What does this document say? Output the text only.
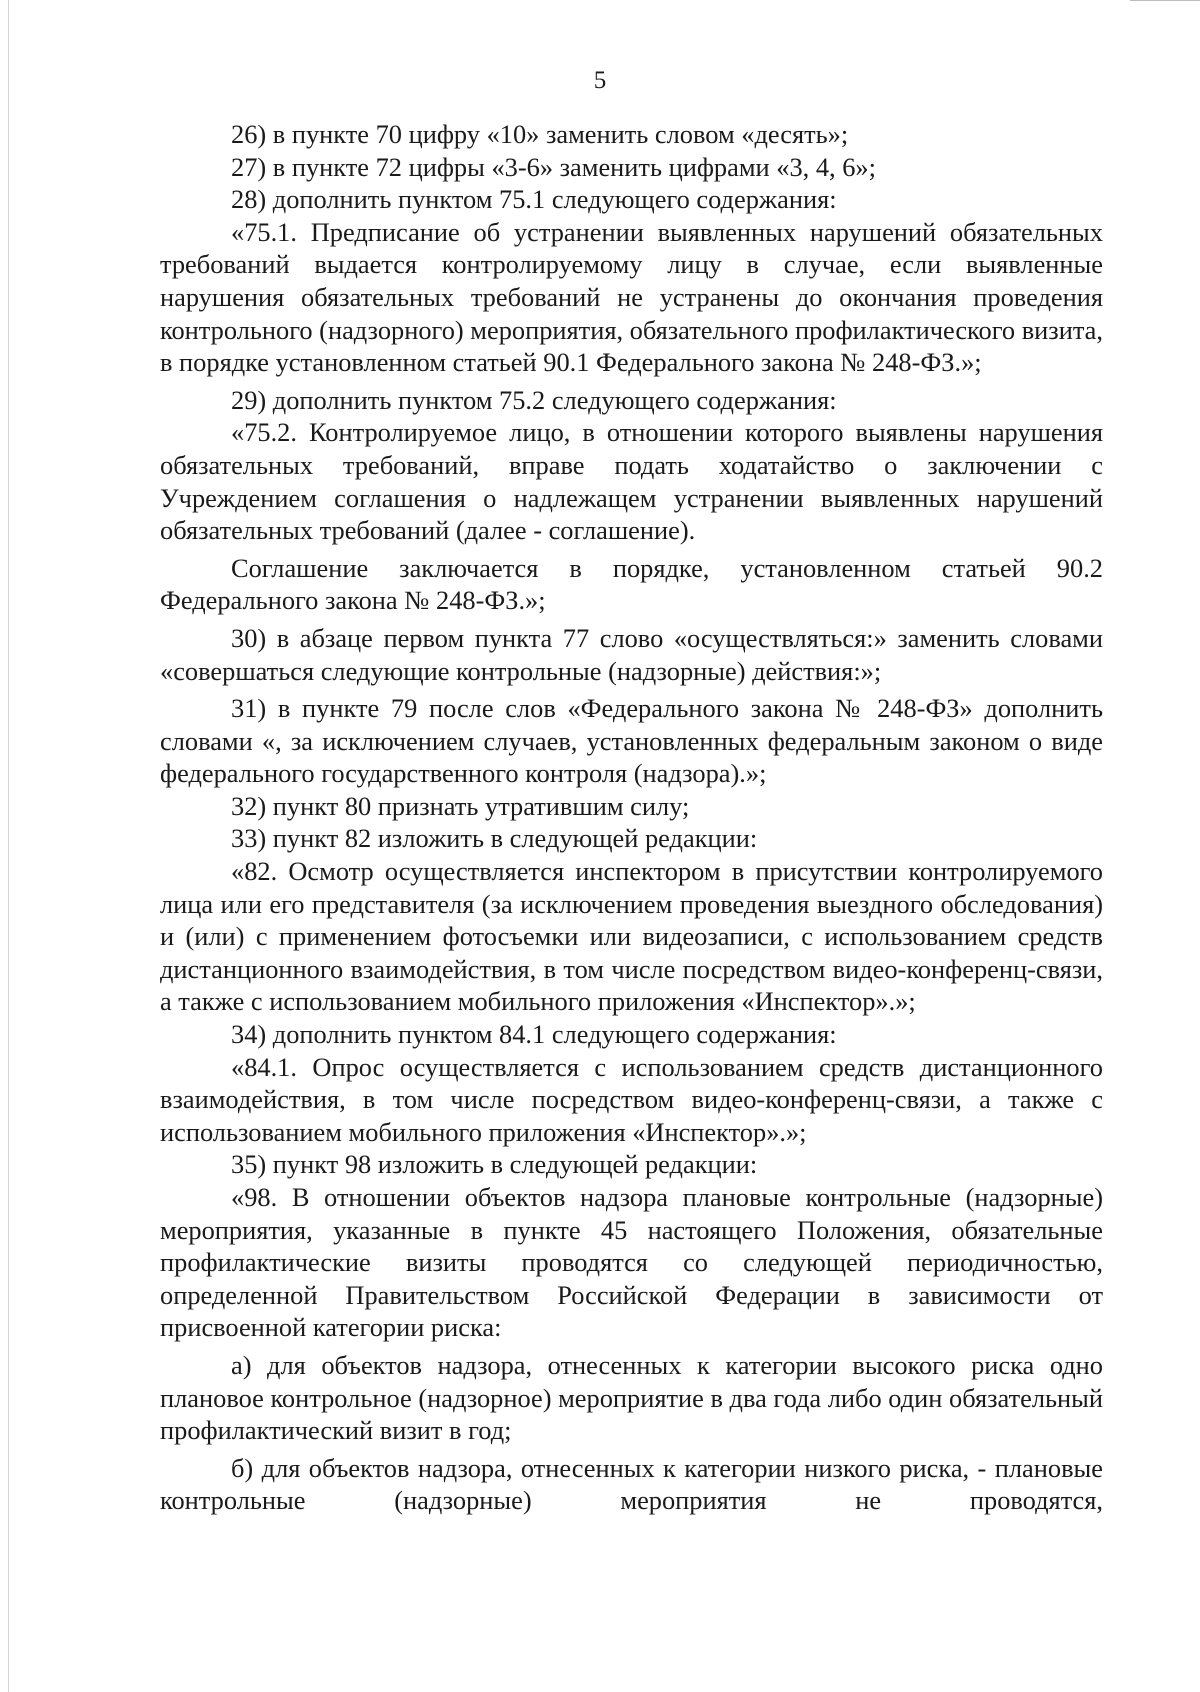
5

26) в пункте 70 цифру «10» заменить словом «десять»;

27) в пункте 72 цифры «3-6» заменить цифрами «3, 4, 6»;

28) дополнить пунктом 75.1 следующего содержания:

«75.1. Предписание об устранении выявленных нарушений обязательных требований выдается контролируемому лицу в случае, если выявленные нарушения обязательных требований не устранены до окончания проведения контрольного (надзорного) мероприятия, обязательного профилактического визита, в порядке установленном статьей 90.1 Федерального закона № 248-ФЗ.»;

29) дополнить пунктом 75.2 следующего содержания:

«75.2. Контролируемое лицо, в отношении которого выявлены нарушения обязательных требований, вправе подать ходатайство о заключении с Учреждением соглашения о надлежащем устранении выявленных нарушений обязательных требований (далее - соглашение).

Соглашение заключается в порядке, установленном статьей 90.2 Федерального закона № 248-ФЗ.»;

30) в абзаце первом пункта 77 слово «осуществляться:» заменить словами «совершаться следующие контрольные (надзорные) действия:»;

31) в пункте 79 после слов «Федерального закона № 248-ФЗ» дополнить словами «, за исключением случаев, установленных федеральным законом о виде федерального государственного контроля (надзора).»;

32) пункт 80 признать утратившим силу;

33) пункт 82 изложить в следующей редакции:

«82. Осмотр осуществляется инспектором в присутствии контролируемого лица или его представителя (за исключением проведения выездного обследования) и (или) с применением фотосъемки или видеозаписи, с использованием средств дистанционного взаимодействия, в том числе посредством видео-конференц-связи, а также с использованием мобильного приложения «Инспектор».»;

34) дополнить пунктом 84.1 следующего содержания:

«84.1. Опрос осуществляется с использованием средств дистанционного взаимодействия, в том числе посредством видео-конференц-связи, а также с использованием мобильного приложения «Инспектор».»;

35) пункт 98 изложить в следующей редакции:

«98. В отношении объектов надзора плановые контрольные (надзорные) мероприятия, указанные в пункте 45 настоящего Положения, обязательные профилактические визиты проводятся со следующей периодичностью, определенной Правительством Российской Федерации в зависимости от присвоенной категории риска:

а) для объектов надзора, отнесенных к категории высокого риска одно плановое контрольное (надзорное) мероприятие в два года либо один обязательный профилактический визит в год;

б) для объектов надзора, отнесенных к категории низкого риска, - плановые контрольные (надзорные) мероприятия не проводятся,
